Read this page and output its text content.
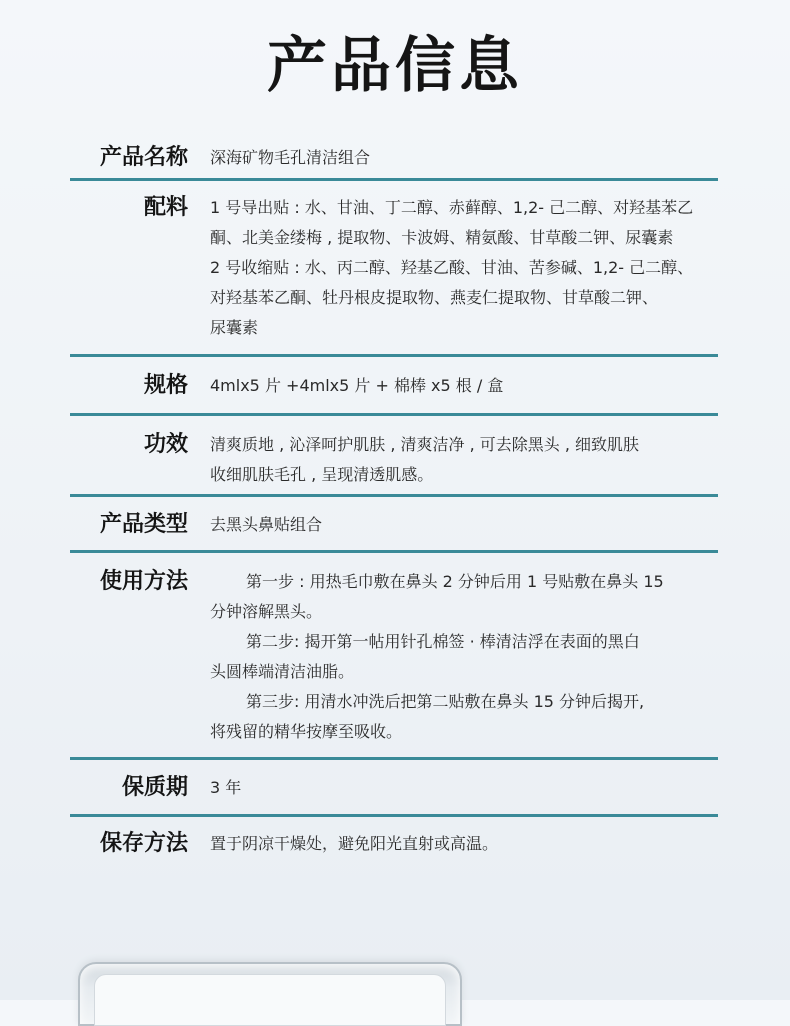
产品信息
产品名称	深海矿物毛孔清洁组合
配料	1 号导出贴 : 水、甘油、丁二醇、赤藓醇、1,2- 己二醇、对羟基苯乙
酮、北美金缕梅 , 提取物、卡波姆、精氨酸、甘草酸二钾、尿囊素
2 号收缩贴 : 水、丙二醇、羟基乙酸、甘油、苦参碱、1,2- 己二醇、
对羟基苯乙酮、牡丹根皮提取物、燕麦仁提取物、甘草酸二钾、
尿囊素
规格	4mlx5 片 +4mlx5 片 + 棉棒 x5 根 / 盒
功效	清爽质地 , 沁泽呵护肌肤 , 清爽洁净 , 可去除黑头 , 细致肌肤
收细肌肤毛孔 , 呈现清透肌感。
产品类型	去黑头鼻贴组合
使用方法	第一步 : 用热毛巾敷在鼻头 2 分钟后用 1 号贴敷在鼻头 15
分钟溶解黑头。
第二步: 揭开第一帖用针孔棉签 · 棒清洁浮在表面的黑白
头圆棒端清洁油脂。
第三步: 用清水冲洗后把第二贴敷在鼻头 15 分钟后揭开,
将残留的精华按摩至吸收。
保质期	3 年
保存方法	置于阴凉干燥处，避免阳光直射或高温。
